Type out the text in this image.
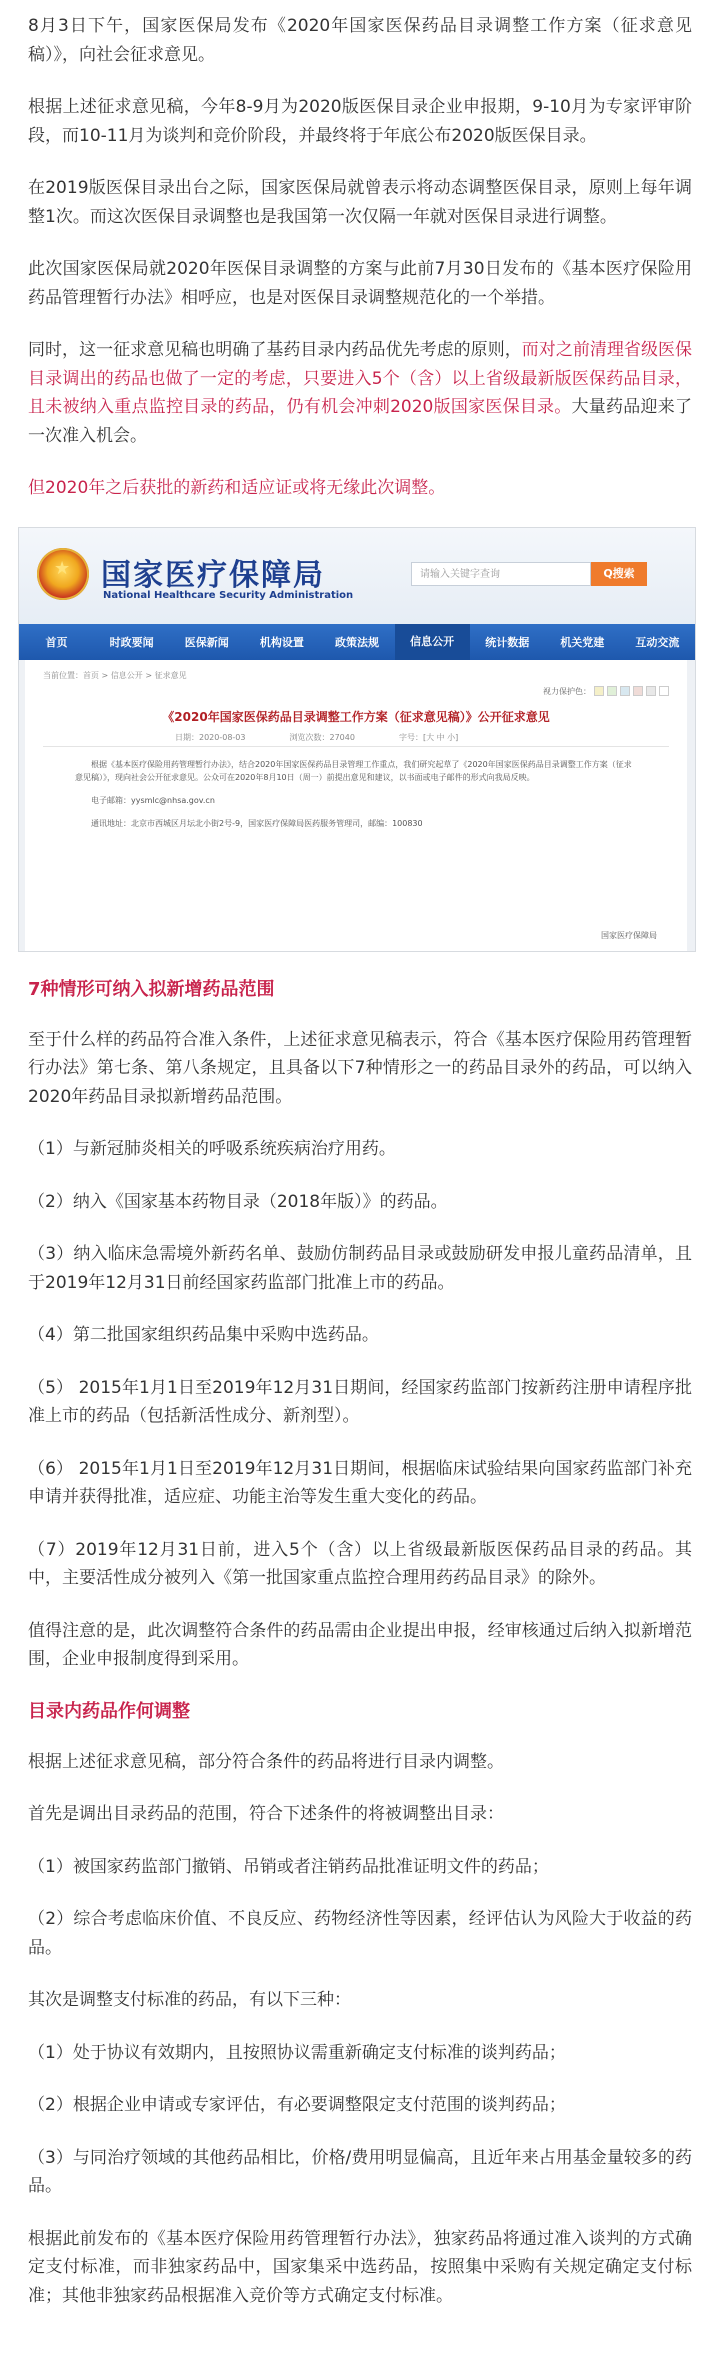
8月3日下午，国家医保局发布《2020年国家医保药品目录调整工作方案（征求意见稿）》，向社会征求意见。

根据上述征求意见稿，今年8-9月为2020版医保目录企业申报期，9-10月为专家评审阶段，而10-11月为谈判和竞价阶段，并最终将于年底公布2020版医保目录。

在2019版医保目录出台之际，国家医保局就曾表示将动态调整医保目录，原则上每年调整1次。而这次医保目录调整也是我国第一次仅隔一年就对医保目录进行调整。

此次国家医保局就2020年医保目录调整的方案与此前7月30日发布的《基本医疗保险用药品管理暂行办法》相呼应，也是对医保目录调整规范化的一个举措。

同时，这一征求意见稿也明确了基药目录内药品优先考虑的原则，而对之前清理省级医保目录调出的药品也做了一定的考虑，只要进入5个（含）以上省级最新版医保药品目录，且未被纳入重点监控目录的药品，仍有机会冲刺2020版国家医保目录。大量药品迎来了一次准入机会。

但2020年之后获批的新药和适应证或将无缘此次调整。

★
国家医疗保障局
National Healthcare Security Administration
请输入关键字查询	Q搜索
首页	时政要闻	医保新闻	机构设置	政策法规	信息公开	统计数据	机关党建	互动交流
当前位置：首页 > 信息公开 > 征求意见
视力保护色：
《2020年国家医保药品目录调整工作方案（征求意见稿）》公开征求意见
日期：2020-08-03	浏览次数：27040	字号：[大 中 小]

根据《基本医疗保险用药管理暂行办法》，结合2020年国家医保药品目录管理工作重点，我们研究起草了《2020年国家医保药品目录调整工作方案（征求意见稿）》，现向社会公开征求意见。公众可在2020年8月10日（周一）前提出意见和建议，以书面或电子邮件的形式向我局反映。

电子邮箱：yysmlc@nhsa.gov.cn

通讯地址：北京市西城区月坛北小街2号-9，国家医疗保障局医药服务管理司，邮编：100830

国家医疗保障局
7种情形可纳入拟新增药品范围

至于什么样的药品符合准入条件，上述征求意见稿表示，符合《基本医疗保险用药管理暂行办法》第七条、第八条规定，且具备以下7种情形之一的药品目录外的药品，可以纳入2020年药品目录拟新增药品范围。

（1）与新冠肺炎相关的呼吸系统疾病治疗用药。

（2）纳入《国家基本药物目录（2018年版）》的药品。

（3）纳入临床急需境外新药名单、鼓励仿制药品目录或鼓励研发申报儿童药品清单，且于2019年12月31日前经国家药监部门批准上市的药品。

（4）第二批国家组织药品集中采购中选药品。

（5） 2015年1月1日至2019年12月31日期间，经国家药监部门按新药注册申请程序批准上市的药品（包括新活性成分、新剂型）。

（6） 2015年1月1日至2019年12月31日期间，根据临床试验结果向国家药监部门补充申请并获得批准，适应症、功能主治等发生重大变化的药品。

（7）2019年12月31日前，进入5个（含）以上省级最新版医保药品目录的药品。其中，主要活性成分被列入《第一批国家重点监控合理用药药品目录》的除外。

值得注意的是，此次调整符合条件的药品需由企业提出申报，经审核通过后纳入拟新增范围，企业申报制度得到采用。

目录内药品作何调整

根据上述征求意见稿，部分符合条件的药品将进行目录内调整。

首先是调出目录药品的范围，符合下述条件的将被调整出目录：

（1）被国家药监部门撤销、吊销或者注销药品批准证明文件的药品；

（2）综合考虑临床价值、不良反应、药物经济性等因素，经评估认为风险大于收益的药品。

其次是调整支付标准的药品，有以下三种：

（1）处于协议有效期内，且按照协议需重新确定支付标准的谈判药品；

（2）根据企业申请或专家评估，有必要调整限定支付范围的谈判药品；

（3）与同治疗领域的其他药品相比，价格/费用明显偏高，且近年来占用基金量较多的药品。

根据此前发布的《基本医疗保险用药管理暂行办法》，独家药品将通过准入谈判的方式确定支付标准，而非独家药品中，国家集采中选药品，按照集中采购有关规定确定支付标准；其他非独家药品根据准入竞价等方式确定支付标准。
